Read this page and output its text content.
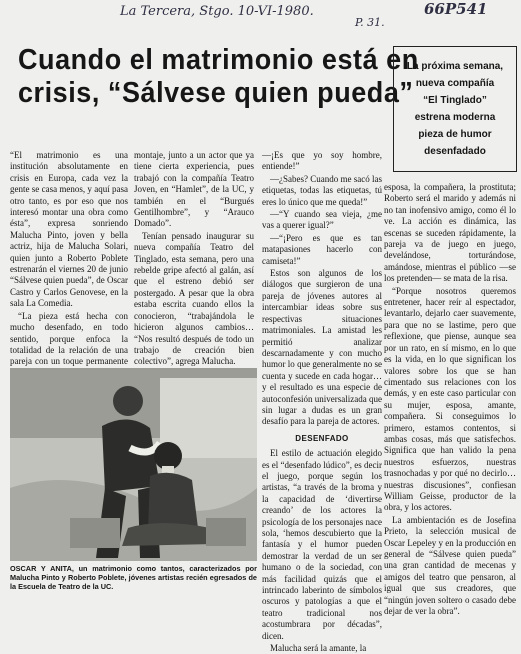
La Tercera, Stgo. 10-VI-1980.
P. 31.
66P541
Cuando el matrimonio está en
crisis, “Sálvese quien pueda”
La próxima semana,
nueva compañía
“El Tinglado”
estrena moderna
pieza de humor
desenfadado

“El matrimonio es una institución absolutamente en crisis en Europa, cada vez la gente se casa menos, y aquí pasa otro tanto, es por eso que nos interesó montar una obra como ésta”, expresa sonriendo Malucha Pinto, joven y bella actriz, hija de Malucha Solari, quien junto a Roberto Poblete estrenarán el viernes 20 de junio “Sálvese quien pueda”, de Oscar Castro y Carlos Genovese, en la sala La Comedia.

“La pieza está hecha con mucho desenfado, en todo sentido, porque enfoca la totalidad de la relación de una pareja con un toque permanente

montaje, junto a un actor que ya tiene cierta experiencia, pues trabajó con la compañía Teatro Joven, en “Hamlet”, de la UC, y también en el “Burgués Gentilhombre”, y “Arauco Domado”.

Tenían pensado inaugurar su nueva compañía Teatro del Tinglado, esta semana, pero una rebelde gripe afectó al galán, así que el estreno debió ser postergado. A pesar que la obra estaba escrita cuando ellos la conocieron, “trabajándola le hicieron algunos cambios… “Nos resultó después de todo un trabajo de creación bien colectivo”, agrega Malucha.

—¡Es que yo soy hombre, entiende!”

—¿Sabes? Cuando me sacó las etiquetas, todas las etiquetas, tú eres lo único que me queda!”

—“Y cuando sea vieja, ¿me vas a querer igual?”

—“¡Pero es que es tan matapasiones hacerlo con camiseta!”

Estos son algunos de los diálogos que surgieron de una pareja de jóvenes autores al intercambiar ideas sobre sus respectivas situaciones matrimoniales. La amistad les permitió analizar descarnadamente y con mucho humor lo que generalmente no se cuenta y sucede en cada hogar… y el resultado es una especie de autoconfesión universalizada que sin lugar a dudas es un gran desafío para la pareja de actores.

DESENFADO

El estilo de actuación elegido es el “desenfado lúdico”, es decir el juego, porque según los artistas, “a través de la broma y la capacidad de ‘divertirse creando’ de los actores la psicología de los personajes nace sola, ‘hemos descubierto que la fantasía y el humor pueden demostrar la verdad de un ser humano o de la sociedad, con más facilidad quizás que el intrincado laberinto de símbolos oscuros y patologías a que el teatro tradicional nos acostumbrara por décadas”, dicen.

Malucha será la amante, la

esposa, la compañera, la prostituta; Roberto será el marido y además ni no tan inofensivo amigo, como él lo ve. La acción es dinámica, las escenas se suceden rápidamente, la pareja va de juego en juego, develándose, torturándose, amándose, mientras el público —se los pretenden— se mata de la risa.

“Porque nosotros queremos entretener, hacer reír al espectador, levantarlo, dejarlo caer suavemente, para que no se lastime, pero que reflexione, que piense, aunque sea por un rato, en sí mismo, en lo que es la vida, en lo que significan los valores sobre los que se han cimentado sus relaciones con los demás, y en este caso particular con su mujer, esposa, amante, compañera. Si conseguimos lo primero, estamos contentos, si ambas cosas, más que satisfechos. Significa que han valido la pena nuestros esfuerzos, nuestras trasnochadas y por qué no decirlo… nuestras discusiones”, confiesan William Geisse, productor de la obra, y los actores.

La ambientación es de Josefina Prieto, la selección musical de Oscar Lepeley y en la producción en general de “Sálvese quien pueda” una gran cantidad de mecenas y amigos del teatro que pensaron, al igual que sus creadores, que “ningún joven soltero o casado debe dejar de ver la obra”.

OSCAR Y ANITA, un matrimonio como tantos, caracterizados por Malucha Pinto y Roberto Poblete, jóvenes artistas recién egresados de la Escuela de Teatro de la UC.
